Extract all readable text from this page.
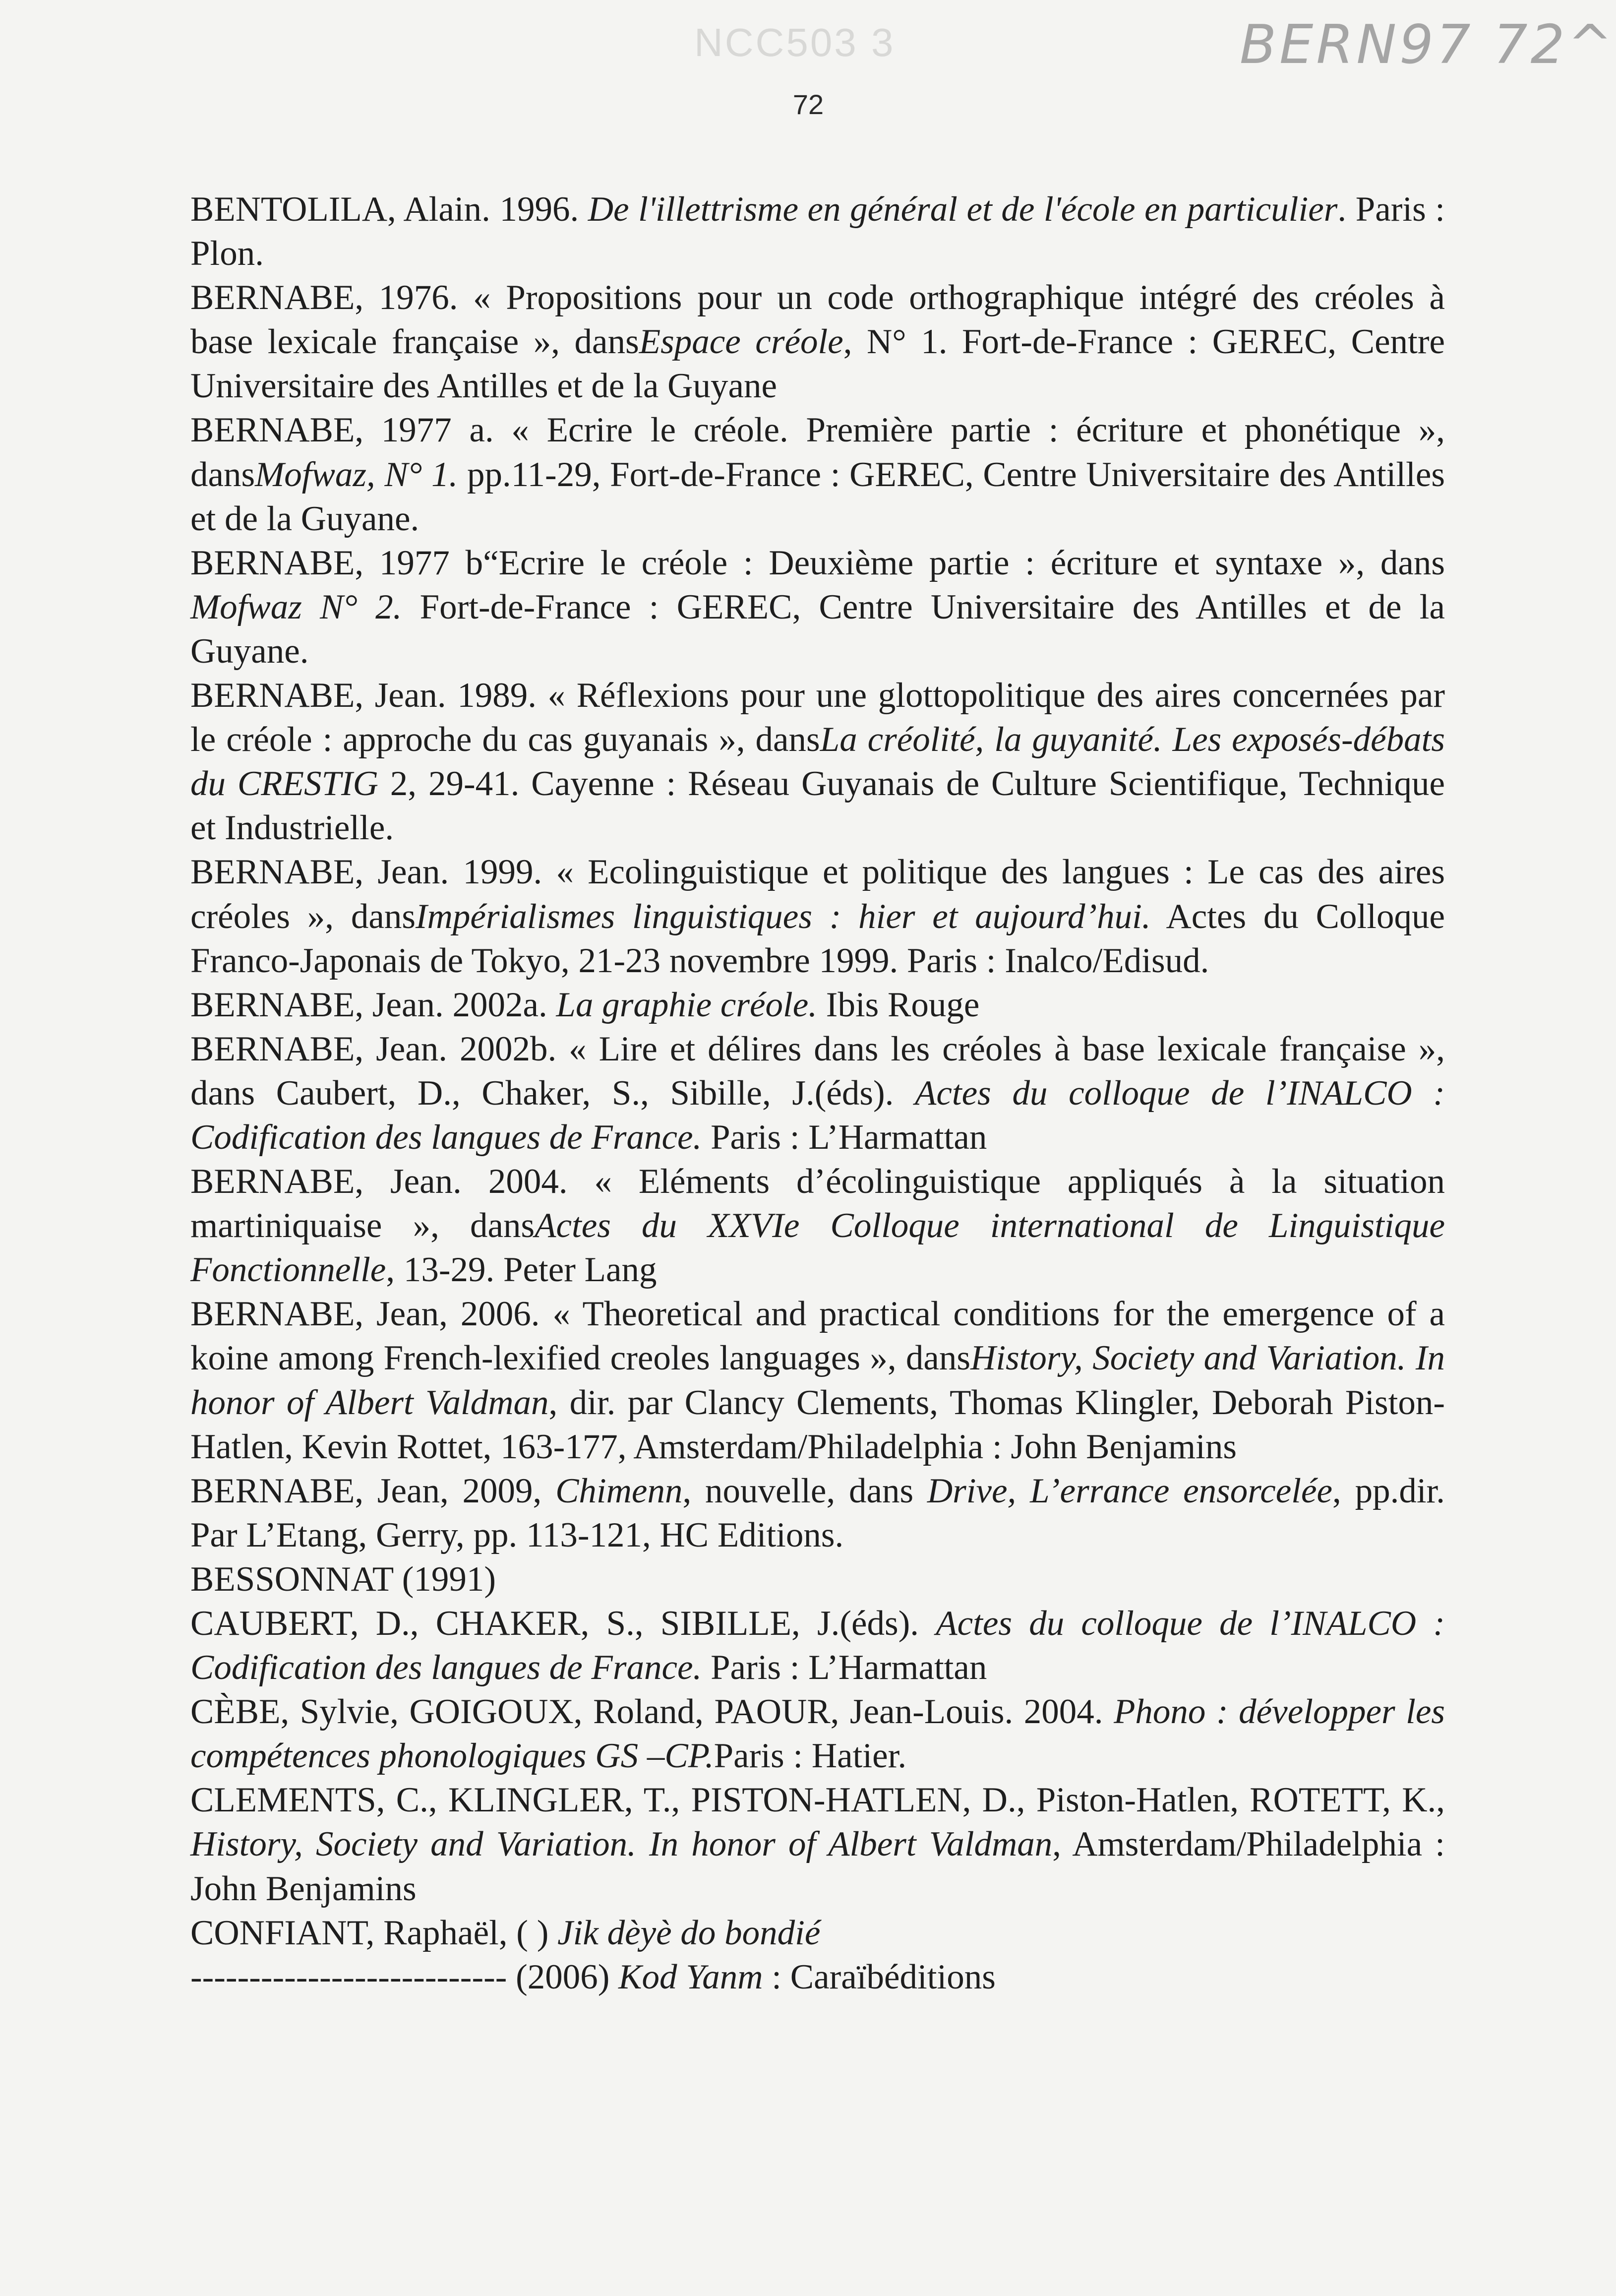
NCC503 3	BERN97 72^
72

BENTOLILA, Alain. 1996. De l'illettrisme en général et de l'école en particulier. Paris : Plon.

BERNABE, 1976. « Propositions pour un code orthographique intégré des créoles à base lexicale française », dansEspace créole, N° 1. Fort-de-France : GEREC, Centre Universitaire des Antilles et de la Guyane

BERNABE, 1977 a. « Ecrire le créole. Première partie : écriture et phonétique », dansMofwaz, N° 1. pp.11-29, Fort-de-France : GEREC, Centre Universitaire des Antilles et de la Guyane.

BERNABE, 1977 b“Ecrire le créole : Deuxième partie : écriture et syntaxe », dans Mofwaz N° 2. Fort-de-France : GEREC, Centre Universitaire des Antilles et de la Guyane.

BERNABE, Jean. 1989. « Réflexions pour une glottopolitique des aires concernées par le créole : approche du cas guyanais », dansLa créolité, la guyanité. Les exposés-débats du CRESTIG 2, 29-41. Cayenne : Réseau Guyanais de Culture Scientifique, Technique et Industrielle.

BERNABE, Jean. 1999. « Ecolinguistique et politique des langues : Le cas des aires créoles », dansImpérialismes linguistiques : hier et aujourd’hui. Actes du Colloque Franco-Japonais de Tokyo, 21-23 novembre 1999. Paris : Inalco/Edisud.

BERNABE, Jean. 2002a. La graphie créole. Ibis Rouge

BERNABE, Jean. 2002b. « Lire et délires dans les créoles à base lexicale française », dans Caubert, D., Chaker, S., Sibille, J.(éds). Actes du colloque de l’INALCO : Codification des langues de France. Paris : L’Harmattan

BERNABE, Jean. 2004. « Eléments d’écolinguistique appliqués à la situation martiniquaise », dansActes du XXVIe Colloque international de Linguistique Fonctionnelle, 13-29. Peter Lang

BERNABE, Jean, 2006. « Theoretical and practical conditions for the emergence of a koine among French-lexified creoles languages », dansHistory, Society and Variation. In honor of Albert Valdman, dir. par Clancy Clements, Thomas Klingler, Deborah Piston-Hatlen, Kevin Rottet, 163-177, Amsterdam/Philadelphia : John Benjamins

BERNABE, Jean, 2009, Chimenn, nouvelle, dans Drive, L’errance ensorcelée, pp.dir. Par L’Etang, Gerry, pp. 113-121, HC Editions.

BESSONNAT (1991)

CAUBERT, D., CHAKER, S., SIBILLE, J.(éds). Actes du colloque de l’INALCO : Codification des langues de France. Paris : L’Harmattan

CÈBE, Sylvie, GOIGOUX, Roland, PAOUR, Jean-Louis. 2004. Phono : développer les compétences phonologiques GS –CP.Paris : Hatier.

CLEMENTS, C., KLINGLER, T., PISTON-HATLEN, D., Piston-Hatlen, ROTETT, K., History, Society and Variation. In honor of Albert Valdman, Amsterdam/Philadelphia : John Benjamins

CONFIANT, Raphaël, ( ) Jik dèyè do bondié

--------------------------- (2006) Kod Yanm : Caraïbéditions
